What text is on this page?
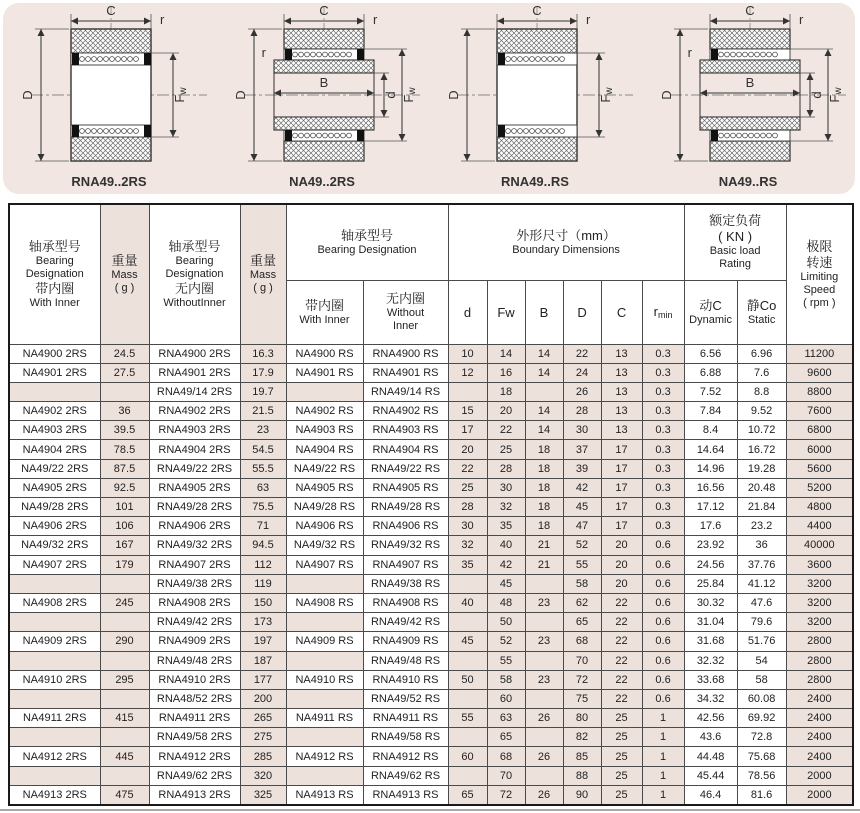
Fw
C
r
D
RNA49..2RS
B
d Fw
r
C
r
D
NA49..2RS
Fw
C
r
D
RNA49..RS
B
d Fw
r
C
r
D
NA49..RS
轴承型号
Bearing
Designation
带内圈
With Inner

重量
Mass
( g )

轴承型号
Bearing
Designation
无内圈
WithoutInner

重量
Mass
( g )

轴承型号
Bearing Designation

外形尺寸（mm）
Boundary Dimensions

额定负荷
( KN )
Basic load
Rating

极限
转速
Limiting
Speed
( rpm )

带内圈
With Inner

无内圈
Without
Inner
	d	Fw	B	D	C	$r_{min}$	
动C
Dynamic

静Co
Static

NA4900 2RS	24.5	RNA4900 2RS	16.3	NA4900 RS	RNA4900 RS	10	14	14	22	13	0.3	6.56	6.96	11200
NA4901 2RS	27.5	RNA4901 2RS	17.9	NA4901 RS	RNA4901 RS	12	16	14	24	13	0.3	6.88	7.6	9600
		RNA49/14 2RS	19.7		RNA49/14 RS		18		26	13	0.3	7.52	8.8	8800
NA4902 2RS	36	RNA4902 2RS	21.5	NA4902 RS	RNA4902 RS	15	20	14	28	13	0.3	7.84	9.52	7600
NA4903 2RS	39.5	RNA4903 2RS	23	NA4903 RS	RNA4903 RS	17	22	14	30	13	0.3	8.4	10.72	6800
NA4904 2RS	78.5	RNA4904 2RS	54.5	NA4904 RS	RNA4904 RS	20	25	18	37	17	0.3	14.64	16.72	6000
NA49/22 2RS	87.5	RNA49/22 2RS	55.5	NA49/22 RS	RNA49/22 RS	22	28	18	39	17	0.3	14.96	19.28	5600
NA4905 2RS	92.5	RNA4905 2RS	63	NA4905 RS	RNA4905 RS	25	30	18	42	17	0.3	16.56	20.48	5200
NA49/28 2RS	101	RNA49/28 2RS	75.5	NA49/28 RS	RNA49/28 RS	28	32	18	45	17	0.3	17.12	21.84	4800
NA4906 2RS	106	RNA4906 2RS	71	NA4906 RS	RNA4906 RS	30	35	18	47	17	0.3	17.6	23.2	4400
NA49/32 2RS	167	RNA49/32 2RS	94.5	NA49/32 RS	RNA49/32 RS	32	40	21	52	20	0.6	23.92	36	40000
NA4907 2RS	179	RNA4907 2RS	112	NA4907 RS	RNA4907 RS	35	42	21	55	20	0.6	24.56	37.76	3600
		RNA49/38 2RS	119		RNA49/38 RS		45		58	20	0.6	25.84	41.12	3200
NA4908 2RS	245	RNA4908 2RS	150	NA4908 RS	RNA4908 RS	40	48	23	62	22	0.6	30.32	47.6	3200
		RNA49/42 2RS	173		RNA49/42 RS		50		65	22	0.6	31.04	79.6	3200
NA4909 2RS	290	RNA4909 2RS	197	NA4909 RS	RNA4909 RS	45	52	23	68	22	0.6	31.68	51.76	2800
		RNA49/48 2RS	187		RNA49/48 RS		55		70	22	0.6	32.32	54	2800
NA4910 2RS	295	RNA4910 2RS	177	NA4910 RS	RNA4910 RS	50	58	23	72	22	0.6	33.68	58	2800
		RNA48/52 2RS	200		RNA49/52 RS		60		75	22	0.6	34.32	60.08	2400
NA4911 2RS	415	RNA4911 2RS	265	NA4911 RS	RNA4911 RS	55	63	26	80	25	1	42.56	69.92	2400
		RNA49/58 2RS	275		RNA49/58 RS		65		82	25	1	43.6	72.8	2400
NA4912 2RS	445	RNA4912 2RS	285	NA4912 RS	RNA4912 RS	60	68	26	85	25	1	44.48	75.68	2400
		RNA49/62 2RS	320		RNA49/62 RS		70		88	25	1	45.44	78.56	2000
NA4913 2RS	475	RNA4913 2RS	325	NA4913 RS	RNA4913 RS	65	72	26	90	25	1	46.4	81.6	2000
